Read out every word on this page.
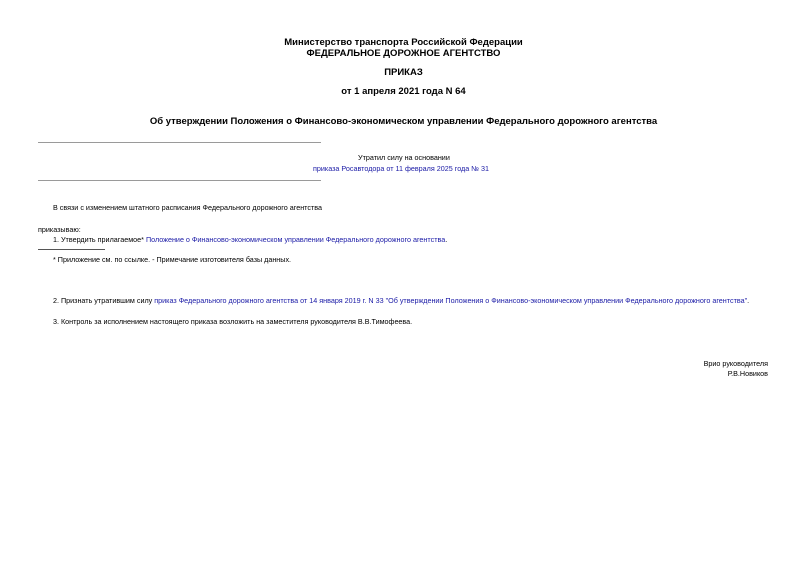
Министерство транспорта Российской Федерации
ФЕДЕРАЛЬНОЕ ДОРОЖНОЕ АГЕНТСТВО
ПРИКАЗ
от 1 апреля 2021 года N 64
Об утверждении Положения о Финансово-экономическом управлении Федерального дорожного агентства
Утратил силу на основании
приказа Росавтодора от 11 февраля 2025 года № 31
В связи с изменением штатного расписания Федерального дорожного агентства
приказываю:
1. Утвердить прилагаемое* Положение о Финансово-экономическом управлении Федерального дорожного агентства.
* Приложение см. по ссылке. - Примечание изготовителя базы данных.
2. Признать утратившим силу приказ Федерального дорожного агентства от 14 января 2019 г. N 33 "Об утверждении Положения о Финансово-экономическом управлении Федерального дорожного агентства".
3. Контроль за исполнением настоящего приказа возложить на заместителя руководителя В.В.Тимофеева.
Врио руководителя
Р.В.Новиков
